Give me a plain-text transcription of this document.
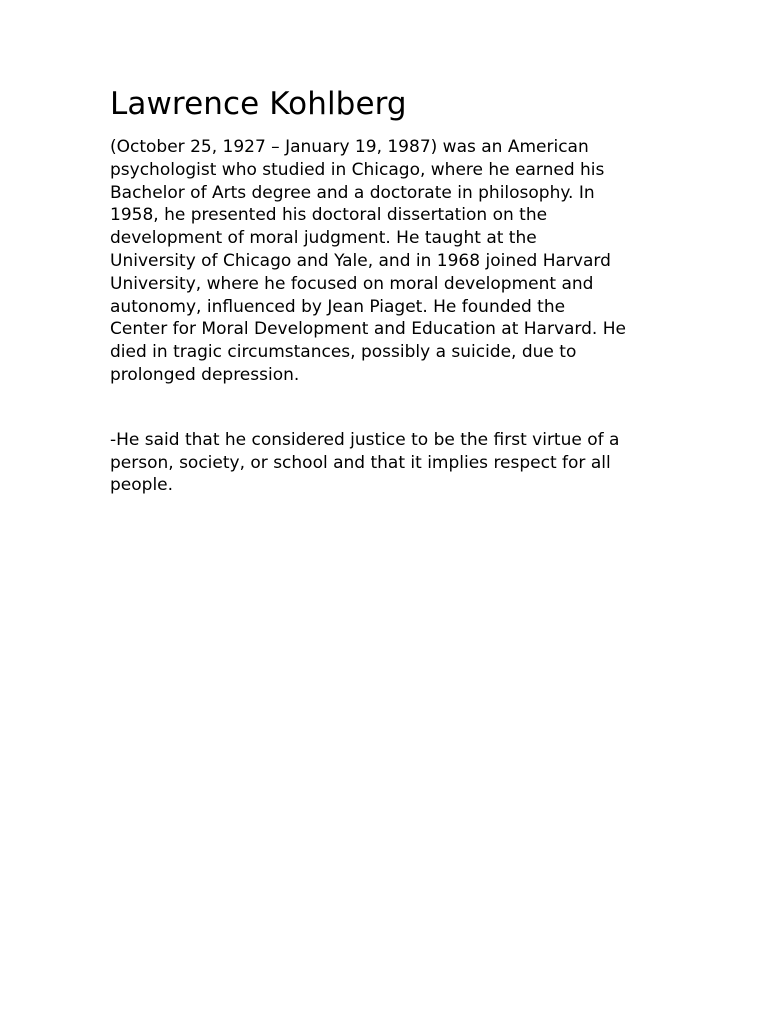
Lawrence Kohlberg

(October 25, 1927 – January 19, 1987) was an American
psychologist who studied in Chicago, where he earned his
Bachelor of Arts degree and a doctorate in philosophy. In
1958, he presented his doctoral dissertation on the
development of moral judgment. He taught at the
University of Chicago and Yale, and in 1968 joined Harvard
University, where he focused on moral development and
autonomy, influenced by Jean Piaget. He founded the
Center for Moral Development and Education at Harvard. He
died in tragic circumstances, possibly a suicide, due to
prolonged depression.

-He said that he considered justice to be the first virtue of a
person, society, or school and that it implies respect for all
people.
